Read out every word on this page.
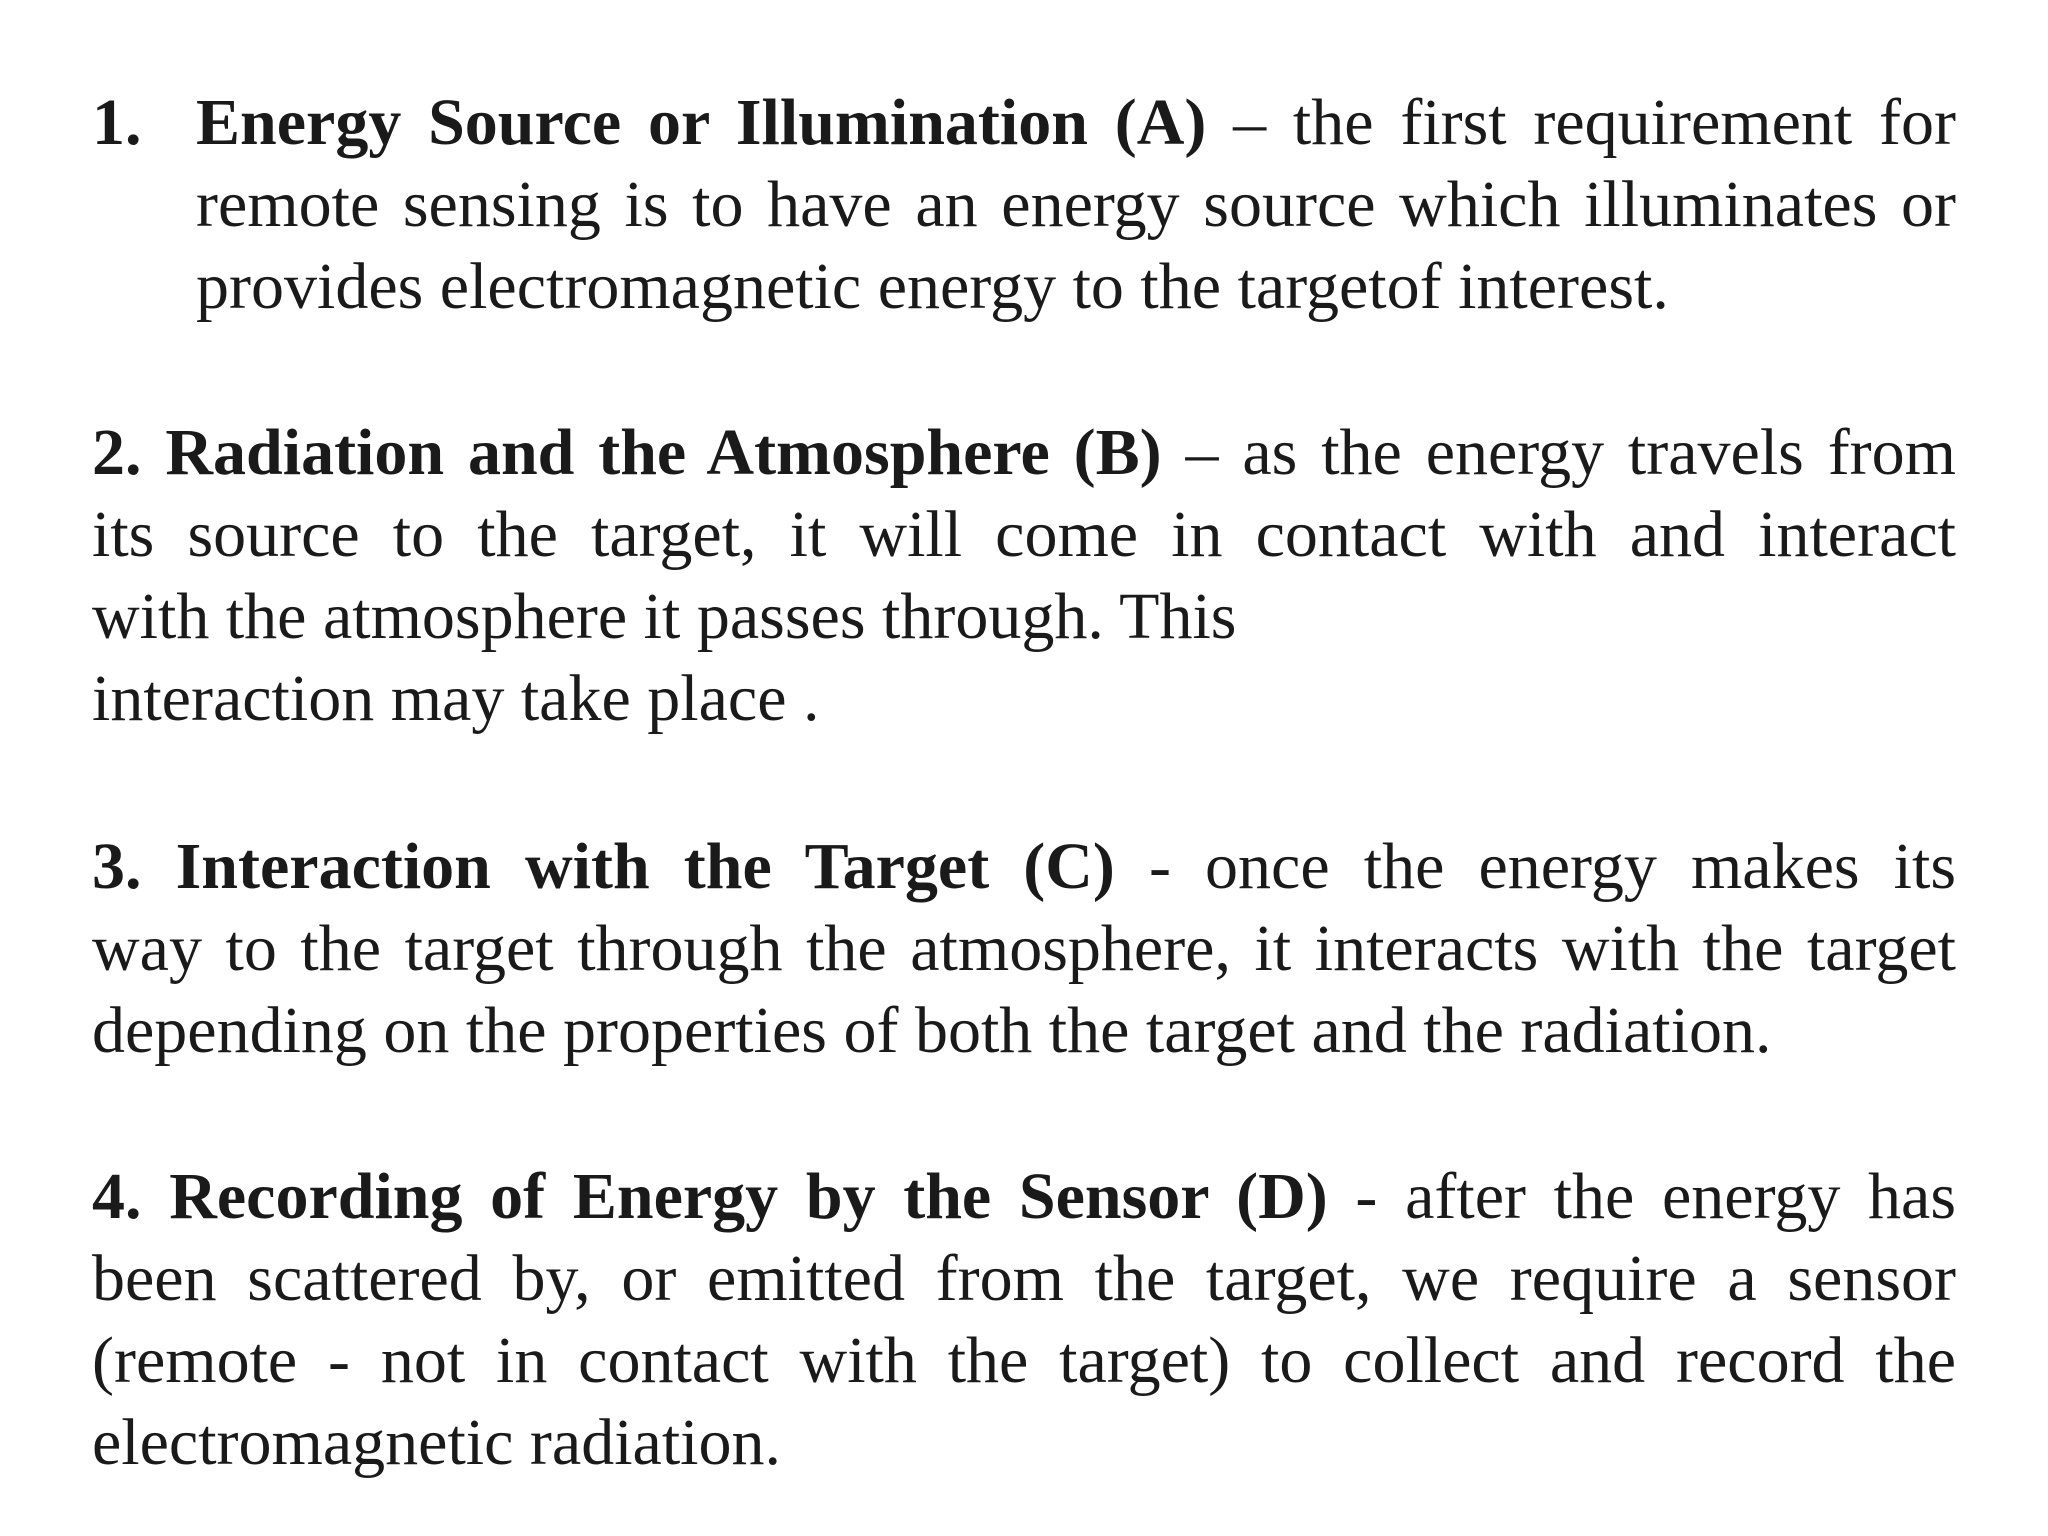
1. Energy Source or Illumination (A) – the first requirement for
remote sensing is to have an energy source which illuminates or
provides electromagnetic energy to the targetof interest.
2. Radiation and the Atmosphere (B) – as the energy travels from
its source to the target, it will come in contact with and interact
with the atmosphere it passes through. This
interaction may take place .
3. Interaction with the Target (C) - once the energy makes its
way to the target through the atmosphere, it interacts with the target
depending on the properties of both the target and the radiation.
4. Recording of Energy by the Sensor (D) - after the energy has
been scattered by, or emitted from the target, we require a sensor
(remote - not in contact with the target) to collect and record the
electromagnetic radiation.
